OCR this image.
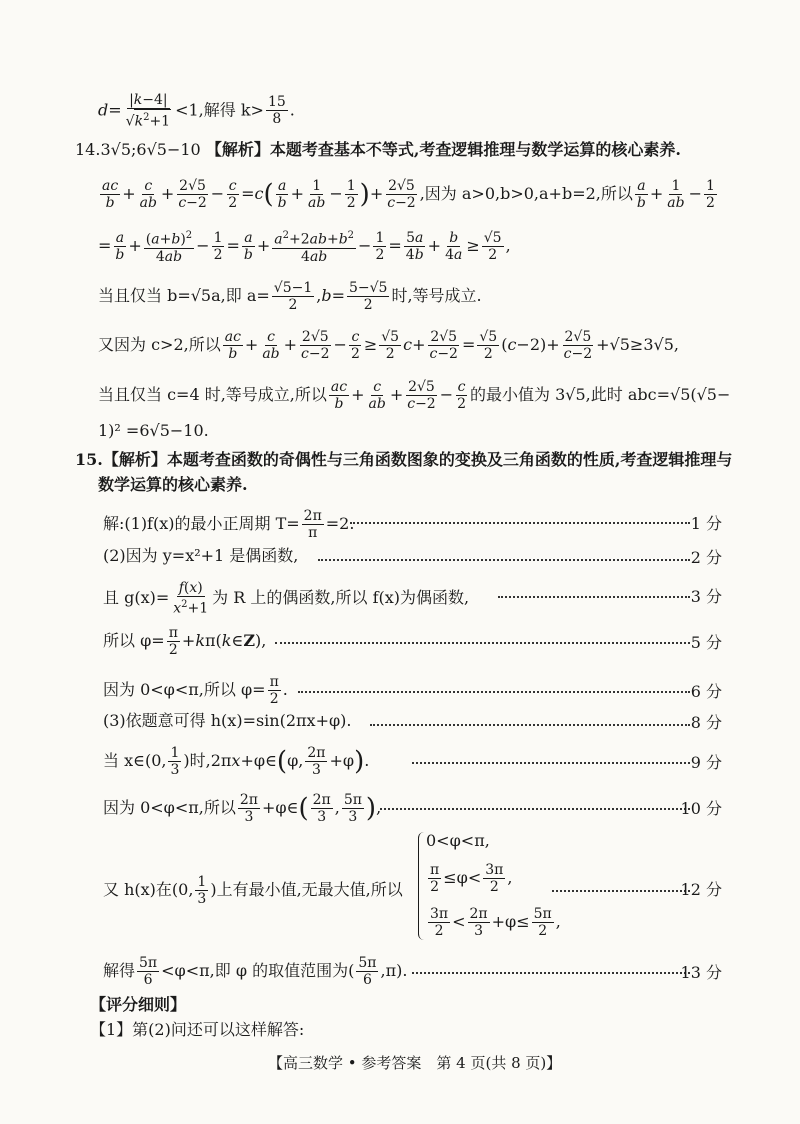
$d= \frac{|k-4|}{√k^2+1} <1$,解得 $k> \frac{15}{8}$ .
14.3√5;6√5−10 【解析】本题考查基本不等式,考查逻辑推理与数学运算的核心素养.
$\frac{ac}{b} + \frac{c}{ab} + \frac{2√5}{c-2} - \frac{c}{2} =c( \frac{a}{b} + \frac{1}{ab} - \frac{1}{2}$ )+ $\frac{2√5}{c-2}$ ,因为 a>0,b>0,a+b=2,所以 $\frac{a}{b} + \frac{1}{ab} - \frac{1}{2}$
= $\frac{a}{b} + \frac{(a+b)^2}{4ab} - \frac{1}{2} = \frac{a}{b} + \frac{a^2+2ab+b^2}{4ab} - \frac{1}{2} = \frac{5a}{4b} + \frac{b}{4a} \ge \frac{√5}{2}$ ,
当且仅当 b=√5a,即 $a= \frac{√5-1}{2} ,b= \frac{5-√5}{2}$ 时,等号成立.
又因为 c>2,所以 $\frac{ac}{b} + \frac{c}{ab} + \frac{2√5}{c-2} - \frac{c}{2} \ge \frac{√5}{2} c+ \frac{2√5}{c-2} = \frac{√5}{2} (c-2)+ \frac{2√5}{c-2} +√5\ge 3√5$,
当且仅当 c=4 时,等号成立,所以 $\frac{ac}{b} + \frac{c}{ab} + \frac{2√5}{c-2} - \frac{c}{2}$ 的最小值为 3√5,此时 abc=√5(√5−
1)² =6√5−10.
15.【解析】本题考查函数的奇偶性与三角函数图象的变换及三角函数的性质,考查逻辑推理与
数学运算的核心素养.
解:(1)f(x)的最小正周期 $T= \frac{2\pi}{\pi} =2$.	1 分
(2)因为 y=x²+1 是偶函数,	2 分
且 $g(x)= \frac{f(x)}{x^2+1}$ 为 R 上的偶函数,所以 f(x)为偶函数,	3 分
所以 $\varphi= \frac{\pi}{2}$ +kπ(k∈Z),	5 分
因为 0<φ<π,所以 $\varphi= \frac{\pi}{2}$ .	6 分
(3)依题意可得 h(x)=sin(2πx+φ).	8 分
当 x∈(0, $\frac{1}{3}$ )时,2πx+φ∈(φ, $\frac{2\pi}{3} +\varphi$).	9 分
因为 0<φ<π,所以 $\frac{2\pi}{3}$ +φ∈( $\frac{2\pi}{3}$ , $\frac{5\pi}{3}$ ),	10 分
又 h(x)在(0, $\frac{1}{3}$ )上有最小值,无最大值,所以
0<φ<π,
$\frac{\pi}{2} \le\varphi< \frac{3\pi}{2}$ ,
$\frac{3\pi}{2} < \frac{2\pi}{3} +\varphi\le \frac{5\pi}{2}$ ,
12 分
解得 $\frac{5\pi}{6} <\varphi<\pi$,即 φ 的取值范围为( $\frac{5\pi}{6} ,\pi$).	13 分
【评分细则】
【1】第(2)问还可以这样解答:
【高三数学 • 参考答案　第 4 页(共 8 页)】
